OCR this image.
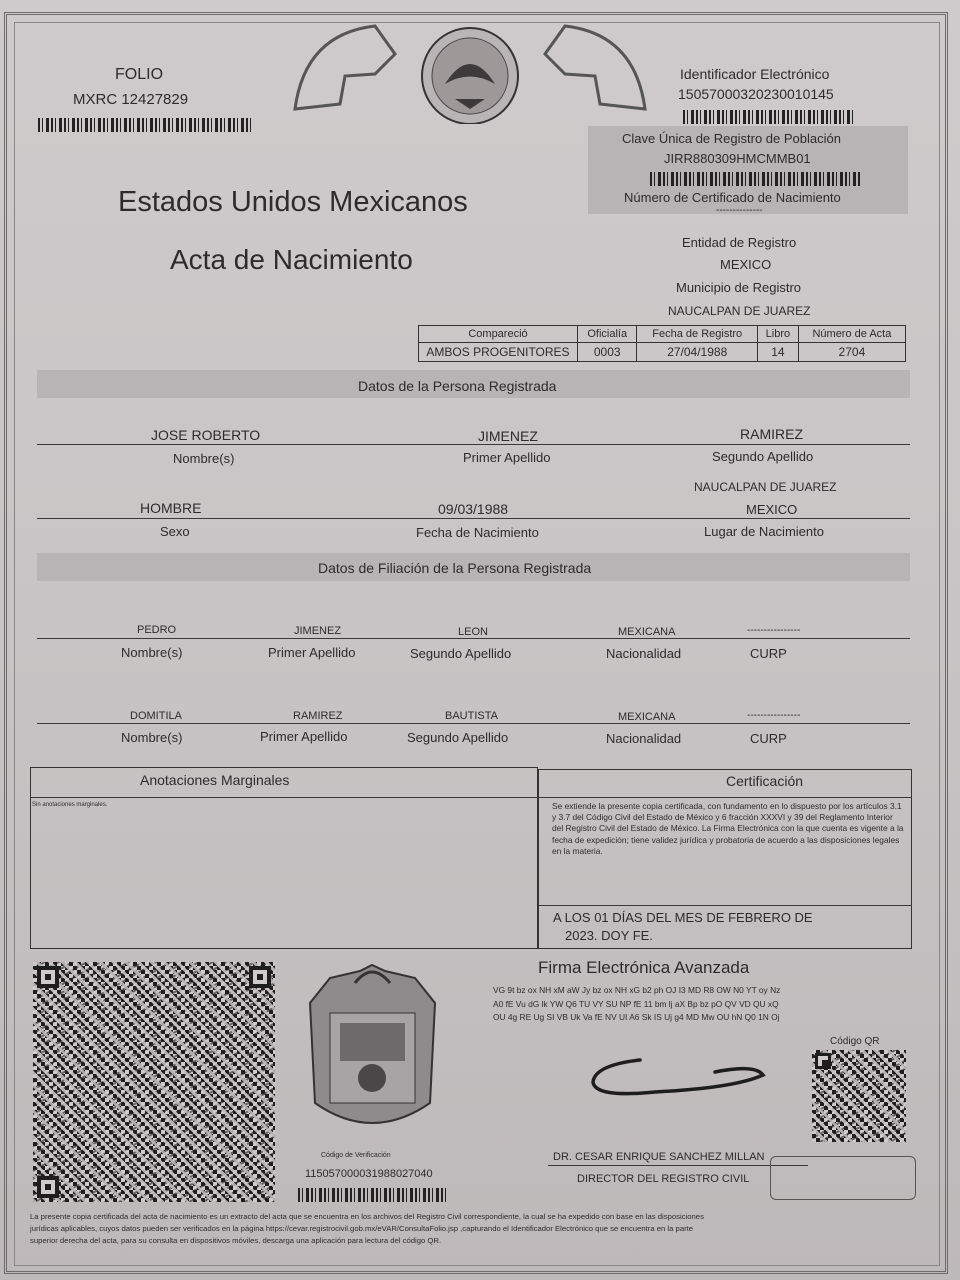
FOLIO
MXRC 12427829
Identificador Electrónico
15057000320230010145
Clave Única de Registro de Población
JIRR880309HMCMMB01
Número de Certificado de Nacimiento
--------------
Entidad de Registro
MEXICO
Municipio de Registro
NAUCALPAN DE JUAREZ
Estados Unidos Mexicanos
Acta de Nacimiento
Compareció	Oficialía	Fecha de Registro	Libro	Número de Acta
AMBOS PROGENITORES	0003	27/04/1988	14	2704
Datos de la Persona Registrada
JOSE ROBERTO	JIMENEZ	RAMIREZ
Nombre(s)	Primer Apellido	Segundo Apellido
NAUCALPAN DE JUAREZ
HOMBRE	09/03/1988	MEXICO
Sexo	Fecha de Nacimiento	Lugar de Nacimiento
Datos de Filiación de la Persona Registrada
PEDRO	JIMENEZ	LEON	MEXICANA	----------------
Nombre(s)	Primer Apellido	Segundo Apellido	Nacionalidad	CURP
DOMITILA	RAMIREZ	BAUTISTA	MEXICANA	----------------
Nombre(s)	Primer Apellido	Segundo Apellido	Nacionalidad	CURP
Anotaciones Marginales
Sin anotaciones marginales.
Certificación
Se extiende la presente copia certificada, con fundamento en lo dispuesto por los artículos 3.1 y 3.7 del Código Civil del Estado de México y 6 fracción XXXVI y 39 del Reglamento Interior del Registro Civil del Estado de México. La Firma Electrónica con la que cuenta es vigente a la fecha de expedición; tiene validez jurídica y probatoria de acuerdo a las disposiciones legales en la materia.
A LOS 01 DÍAS DEL MES DE FEBRERO DE
2023. DOY FE.
Código de Verificación
115057000031988027040
Firma Electrónica Avanzada
VG 9t bz ox NH xM aW Jy bz ox NH xG b2 ph OJ I3 MD R8 OW N0 YT oy Nz
A0 fE Vu dG lk YW Q6 TU VY SU NP fE 11 bm lj aX Bp bz pO QV VD QU xQ
OU 4g RE Ug SI VB Uk Va fE NV UI A6 Sk IS Uj g4 MD Mw OU hN Q0 1N Oj
Código QR
DR. CESAR ENRIQUE SANCHEZ MILLAN
DIRECTOR DEL REGISTRO CIVIL
La presente copia certificada del acta de nacimiento es un extracto del acta que se encuentra en los archivos del Registro Civil correspondiente, la cual se ha expedido con base en las disposiciones
jurídicas aplicables, cuyos datos pueden ser verificados en la página https://cevar.registrocivil.gob.mx/eVAR/ConsultaFolio.jsp ,capturando el Identificador Electrónico que se encuentra en la parte
superior derecha del acta, para su consulta en dispositivos móviles, descarga una aplicación para lectura del código QR.
